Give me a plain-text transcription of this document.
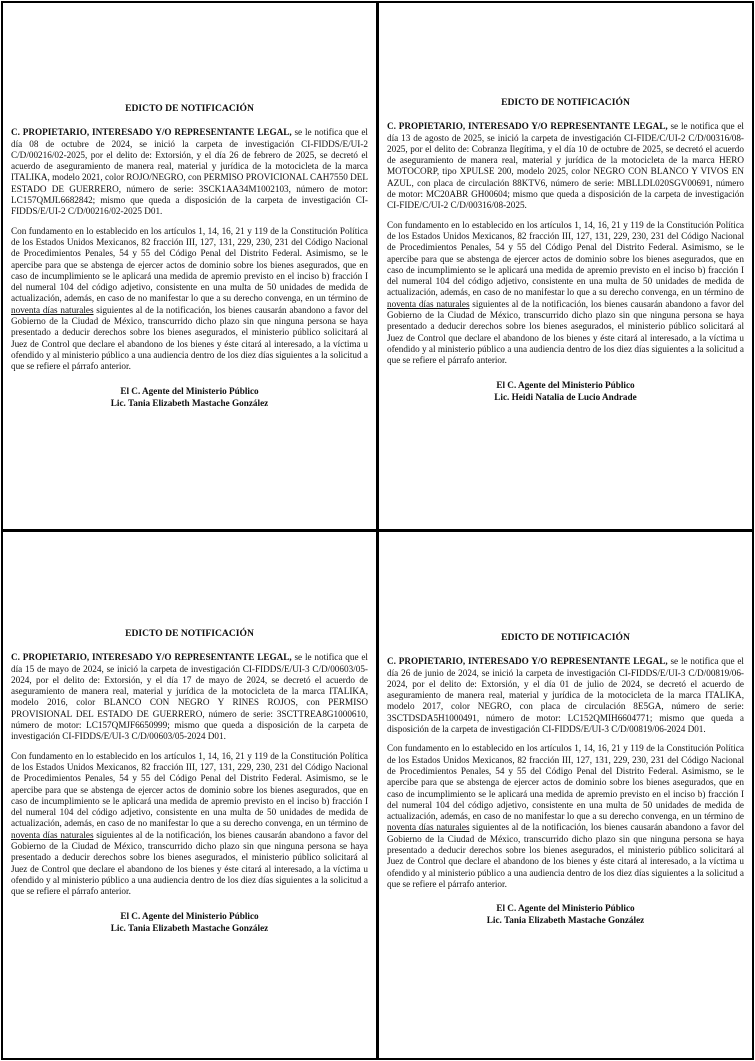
EDICTO DE NOTIFICACIÓN

C. PROPIETARIO, INTERESADO Y/O REPRESENTANTE LEGAL, se le notifica que el día 08 de octubre de 2024, se inició la carpeta de investigación CI-FIDDS/E/UI-2 C/D/00216/02-2025, por el delito de: Extorsión, y el día 26 de febrero de 2025, se decretó el acuerdo de aseguramiento de manera real, material y jurídica de la motocicleta de la marca ITALIKA, modelo 2021, color ROJO/NEGRO, con PERMISO PROVICIONAL CAH7550 DEL ESTADO DE GUERRERO, número de serie: 3SCK1AA34M1002103, número de motor: LC157QMJL6682842; mismo que queda a disposición de la carpeta de investigación CI-FIDDS/E/UI-2 C/D/00216/02-2025 D01.

Con fundamento en lo establecido en los artículos 1, 14, 16, 21 y 119 de la Constitución Política de los Estados Unidos Mexicanos, 82 fracción III, 127, 131, 229, 230, 231 del Código Nacional de Procedimientos Penales, 54 y 55 del Código Penal del Distrito Federal. Asimismo, se le apercibe para que se abstenga de ejercer actos de dominio sobre los bienes asegurados, que en caso de incumplimiento se le aplicará una medida de apremio previsto en el inciso b) fracción I del numeral 104 del código adjetivo, consistente en una multa de 50 unidades de medida de actualización, además, en caso de no manifestar lo que a su derecho convenga, en un término de noventa días naturales siguientes al de la notificación, los bienes causarán abandono a favor del Gobierno de la Ciudad de México, transcurrido dicho plazo sin que ninguna persona se haya presentado a deducir derechos sobre los bienes asegurados, el ministerio público solicitará al Juez de Control que declare el abandono de los bienes y éste citará al interesado, a la víctima u ofendido y al ministerio público a una audiencia dentro de los diez días siguientes a la solicitud a que se refiere el párrafo anterior.

El C. Agente del Ministerio Público
Lic. Tania Elizabeth Mastache González
EDICTO DE NOTIFICACIÓN

C. PROPIETARIO, INTERESADO Y/O REPRESENTANTE LEGAL, se le notifica que el día 13 de agosto de 2025, se inició la carpeta de investigación CI-FIDE/C/UI-2 C/D/00316/08-2025, por el delito de: Cobranza Ilegítima, y el día 10 de octubre de 2025, se decretó el acuerdo de aseguramiento de manera real, material y jurídica de la motocicleta de la marca HERO MOTOCORP, tipo XPULSE 200, modelo 2025, color NEGRO CON BLANCO Y VIVOS EN AZUL, con placa de circulación 88KTV6, número de serie: MBLLDL020SGV00691, número de motor: MC20ABR GH00604; mismo que queda a disposición de la carpeta de investigación CI-FIDE/C/UI-2 C/D/00316/08-2025.

Con fundamento en lo establecido en los artículos 1, 14, 16, 21 y 119 de la Constitución Política de los Estados Unidos Mexicanos, 82 fracción III, 127, 131, 229, 230, 231 del Código Nacional de Procedimientos Penales, 54 y 55 del Código Penal del Distrito Federal. Asimismo, se le apercibe para que se abstenga de ejercer actos de dominio sobre los bienes asegurados, que en caso de incumplimiento se le aplicará una medida de apremio previsto en el inciso b) fracción I del numeral 104 del código adjetivo, consistente en una multa de 50 unidades de medida de actualización, además, en caso de no manifestar lo que a su derecho convenga, en un término de noventa días naturales siguientes al de la notificación, los bienes causarán abandono a favor del Gobierno de la Ciudad de México, transcurrido dicho plazo sin que ninguna persona se haya presentado a deducir derechos sobre los bienes asegurados, el ministerio público solicitará al Juez de Control que declare el abandono de los bienes y éste citará al interesado, a la víctima u ofendido y al ministerio público a una audiencia dentro de los diez días siguientes a la solicitud a que se refiere el párrafo anterior.

El C. Agente del Ministerio Público
Lic. Heidi Natalia de Lucio Andrade
EDICTO DE NOTIFICACIÓN

C. PROPIETARIO, INTERESADO Y/O REPRESENTANTE LEGAL, se le notifica que el día 15 de mayo de 2024, se inició la carpeta de investigación CI-FIDDS/E/UI-3 C/D/00603/05-2024, por el delito de: Extorsión, y el día 17 de mayo de 2024, se decretó el acuerdo de aseguramiento de manera real, material y jurídica de la motocicleta de la marca ITALIKA, modelo 2016, color BLANCO CON NEGRO Y RINES ROJOS, con PERMISO PROVISIONAL DEL ESTADO DE GUERRERO, número de serie: 3SCTTREA8G1000610, número de motor: LC157QMJF6650999; mismo que queda a disposición de la carpeta de investigación CI-FIDDS/E/UI-3 C/D/00603/05-2024 D01.

Con fundamento en lo establecido en los artículos 1, 14, 16, 21 y 119 de la Constitución Política de los Estados Unidos Mexicanos, 82 fracción III, 127, 131, 229, 230, 231 del Código Nacional de Procedimientos Penales, 54 y 55 del Código Penal del Distrito Federal. Asimismo, se le apercibe para que se abstenga de ejercer actos de dominio sobre los bienes asegurados, que en caso de incumplimiento se le aplicará una medida de apremio previsto en el inciso b) fracción I del numeral 104 del código adjetivo, consistente en una multa de 50 unidades de medida de actualización, además, en caso de no manifestar lo que a su derecho convenga, en un término de noventa días naturales siguientes al de la notificación, los bienes causarán abandono a favor del Gobierno de la Ciudad de México, transcurrido dicho plazo sin que ninguna persona se haya presentado a deducir derechos sobre los bienes asegurados, el ministerio público solicitará al Juez de Control que declare el abandono de los bienes y éste citará al interesado, a la víctima u ofendido y al ministerio público a una audiencia dentro de los diez días siguientes a la solicitud a que se refiere el párrafo anterior.

El C. Agente del Ministerio Público
Lic. Tania Elizabeth Mastache González
EDICTO DE NOTIFICACIÓN

C. PROPIETARIO, INTERESADO Y/O REPRESENTANTE LEGAL, se le notifica que el día 26 de junio de 2024, se inició la carpeta de investigación CI-FIDDS/E/UI-3 C/D/00819/06-2024, por el delito de: Extorsión, y el día 01 de julio de 2024, se decretó el acuerdo de aseguramiento de manera real, material y jurídica de la motocicleta de la marca ITALIKA, modelo 2017, color NEGRO, con placa de circulación 8E5GA, número de serie: 3SCTDSDA5H1000491, número de motor: LC152QMIH6604771; mismo que queda a disposición de la carpeta de investigación CI-FIDDS/E/UI-3 C/D/00819/06-2024 D01.

Con fundamento en lo establecido en los artículos 1, 14, 16, 21 y 119 de la Constitución Política de los Estados Unidos Mexicanos, 82 fracción III, 127, 131, 229, 230, 231 del Código Nacional de Procedimientos Penales, 54 y 55 del Código Penal del Distrito Federal. Asimismo, se le apercibe para que se abstenga de ejercer actos de dominio sobre los bienes asegurados, que en caso de incumplimiento se le aplicará una medida de apremio previsto en el inciso b) fracción I del numeral 104 del código adjetivo, consistente en una multa de 50 unidades de medida de actualización, además, en caso de no manifestar lo que a su derecho convenga, en un término de noventa días naturales siguientes al de la notificación, los bienes causarán abandono a favor del Gobierno de la Ciudad de México, transcurrido dicho plazo sin que ninguna persona se haya presentado a deducir derechos sobre los bienes asegurados, el ministerio público solicitará al Juez de Control que declare el abandono de los bienes y éste citará al interesado, a la víctima u ofendido y al ministerio público a una audiencia dentro de los diez días siguientes a la solicitud a que se refiere el párrafo anterior.

El C. Agente del Ministerio Público
Lic. Tania Elizabeth Mastache González
